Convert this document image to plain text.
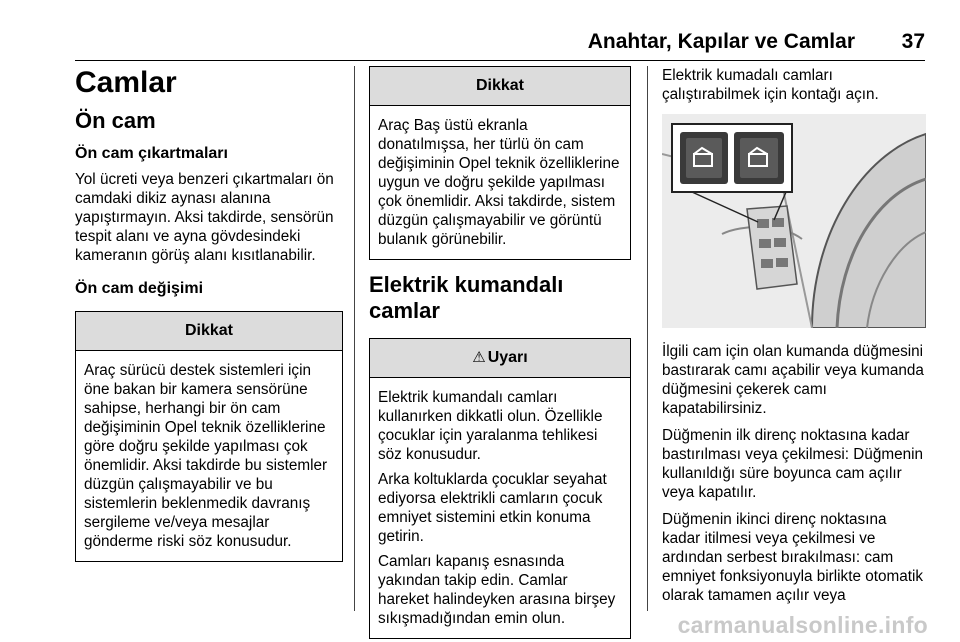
Anahtar, Kapılar ve Camlar 37
Camlar
Ön cam
Ön cam çıkartmaları
Yol ücreti veya benzeri çıkartmaları ön camdaki dikiz aynası alanına yapıştırmayın. Aksi takdirde, sensörün tespit alanı ve ayna gövdesindeki kameranın görüş alanı kısıtlanabilir.
Ön cam değişimi
Dikkat
Araç sürücü destek sistemleri için öne bakan bir kamera sensörüne sahipse, herhangi bir ön cam değişiminin Opel teknik özelliklerine göre doğru şekilde yapılması çok önemlidir. Aksi takdirde bu sistemler düzgün çalışmayabilir ve bu sistemlerin beklenmedik davranış sergileme ve/veya mesajlar gönderme riski söz konusudur.
Dikkat
Araç Baş üstü ekranla donatılmışsa, her türlü ön cam değişiminin Opel teknik özelliklerine uygun ve doğru şekilde yapılması çok önemlidir. Aksi takdirde, sistem düzgün çalışmayabilir ve görüntü bulanık görünebilir.
Elektrik kumandalı camlar
⚠ Uyarı
Elektrik kumandalı camları kullanırken dikkatli olun. Özellikle çocuklar için yaralanma tehlikesi söz konusudur.
Arka koltuklarda çocuklar seyahat ediyorsa elektrikli camların çocuk emniyet sistemini etkin konuma getirin.
Camları kapanış esnasında yakından takip edin. Camlar hareket halindeyken arasına birşey sıkışmadığından emin olun.
Elektrik kumadalı camları çalıştırabilmek için kontağı açın.
İlgili cam için olan kumanda düğmesini bastırarak camı açabilir veya kumanda düğmesini çekerek camı kapatabilirsiniz.
Düğmenin ilk direnç noktasına kadar bastırılması veya çekilmesi: Düğmenin kullanıldığı süre boyunca cam açılır veya kapatılır.
Düğmenin ikinci direnç noktasına kadar itilmesi veya çekilmesi ve ardından serbest bırakılması: cam emniyet fonksiyonuyla birlikte otomatik olarak tamamen açılır veya
carmanualsonline.info
